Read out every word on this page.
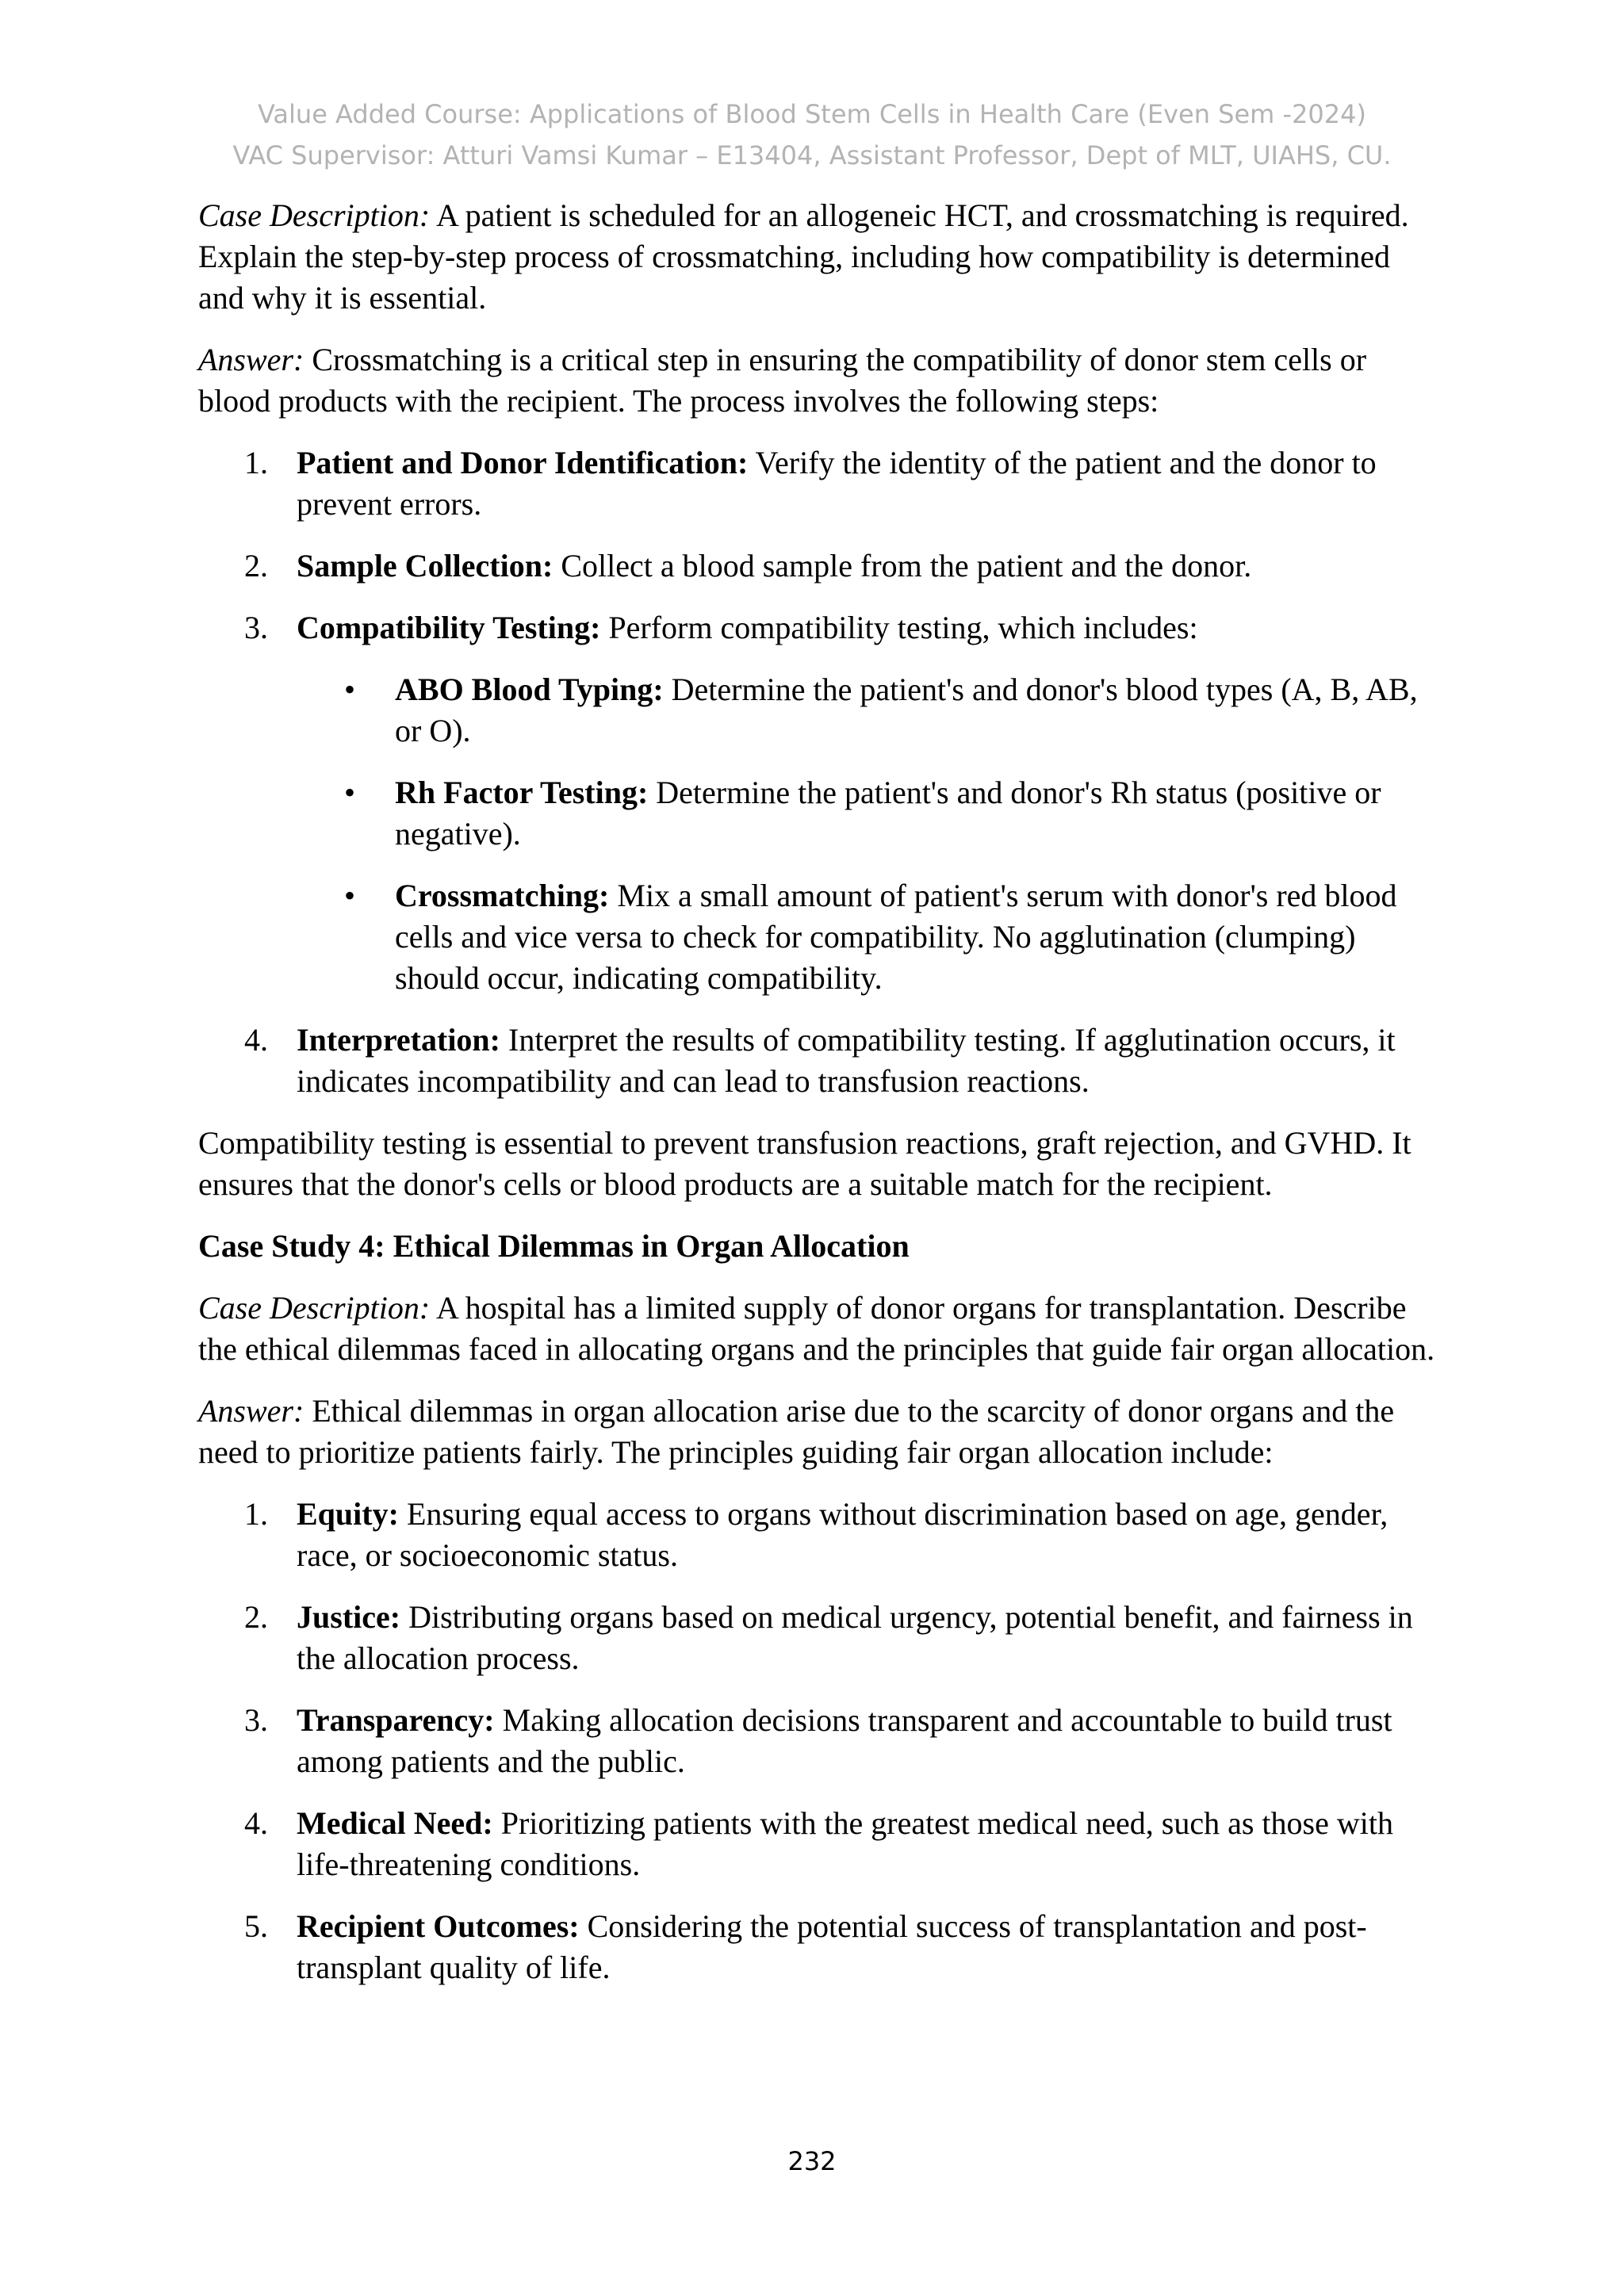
Value Added Course: Applications of Blood Stem Cells in Health Care (Even Sem -2024)
VAC Supervisor: Atturi Vamsi Kumar – E13404, Assistant Professor, Dept of MLT, UIAHS, CU.

Case Description: A patient is scheduled for an allogeneic HCT, and crossmatching is required. Explain the step-by-step process of crossmatching, including how compatibility is determined and why it is essential.

Answer: Crossmatching is a critical step in ensuring the compatibility of donor stem cells or blood products with the recipient. The process involves the following steps:

1. Patient and Donor Identification: Verify the identity of the patient and the donor to prevent errors.
2. Sample Collection: Collect a blood sample from the patient and the donor.
3. Compatibility Testing: Perform compatibility testing, which includes:
• ABO Blood Typing: Determine the patient's and donor's blood types (A, B, AB, or O).
• Rh Factor Testing: Determine the patient's and donor's Rh status (positive or negative).
• Crossmatching: Mix a small amount of patient's serum with donor's red blood cells and vice versa to check for compatibility. No agglutination (clumping) should occur, indicating compatibility.
4. Interpretation: Interpret the results of compatibility testing. If agglutination occurs, it indicates incompatibility and can lead to transfusion reactions.

Compatibility testing is essential to prevent transfusion reactions, graft rejection, and GVHD. It ensures that the donor's cells or blood products are a suitable match for the recipient.

Case Study 4: Ethical Dilemmas in Organ Allocation

Case Description: A hospital has a limited supply of donor organs for transplantation. Describe the ethical dilemmas faced in allocating organs and the principles that guide fair organ allocation.

Answer: Ethical dilemmas in organ allocation arise due to the scarcity of donor organs and the need to prioritize patients fairly. The principles guiding fair organ allocation include:

1. Equity: Ensuring equal access to organs without discrimination based on age, gender, race, or socioeconomic status.
2. Justice: Distributing organs based on medical urgency, potential benefit, and fairness in the allocation process.
3. Transparency: Making allocation decisions transparent and accountable to build trust among patients and the public.
4. Medical Need: Prioritizing patients with the greatest medical need, such as those with life-threatening conditions.
5. Recipient Outcomes: Considering the potential success of transplantation and post-transplant quality of life.
232
